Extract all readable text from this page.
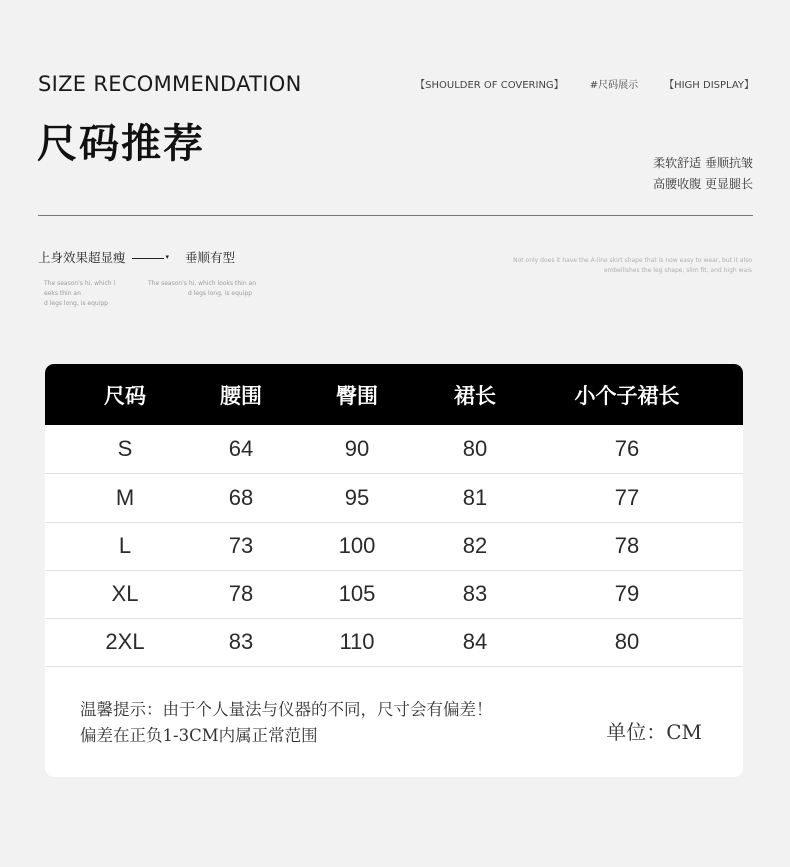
SIZE RECOMMENDATION
尺码推荐
【SHOULDER OF COVERING】	#尺码展示	【HIGH DISPLAY】
柔软舒适 垂顺抗皱
高腰收腹 更显腿长
上身效果超显瘦	▾ 垂顺有型
The season's hi, which l
eeks thin an
d legs long, is equipp
The season's hi, which looks thin an
d legs long, is equipp
Not only does it have the A-line skirt shape that is now easy to wear, but it also
embellishes the leg shape, slim fit, and high wais
尺码	腰围	臀围	裙长	小个子裙长
S	64	90	80	76
M	68	95	81	77
L	73	100	82	78
XL	78	105	83	79
2XL	83	110	84	80
温馨提示：由于个人量法与仪器的不同，尺寸会有偏差！
偏差在正负1-3CM内属正常范围	单位：CM
